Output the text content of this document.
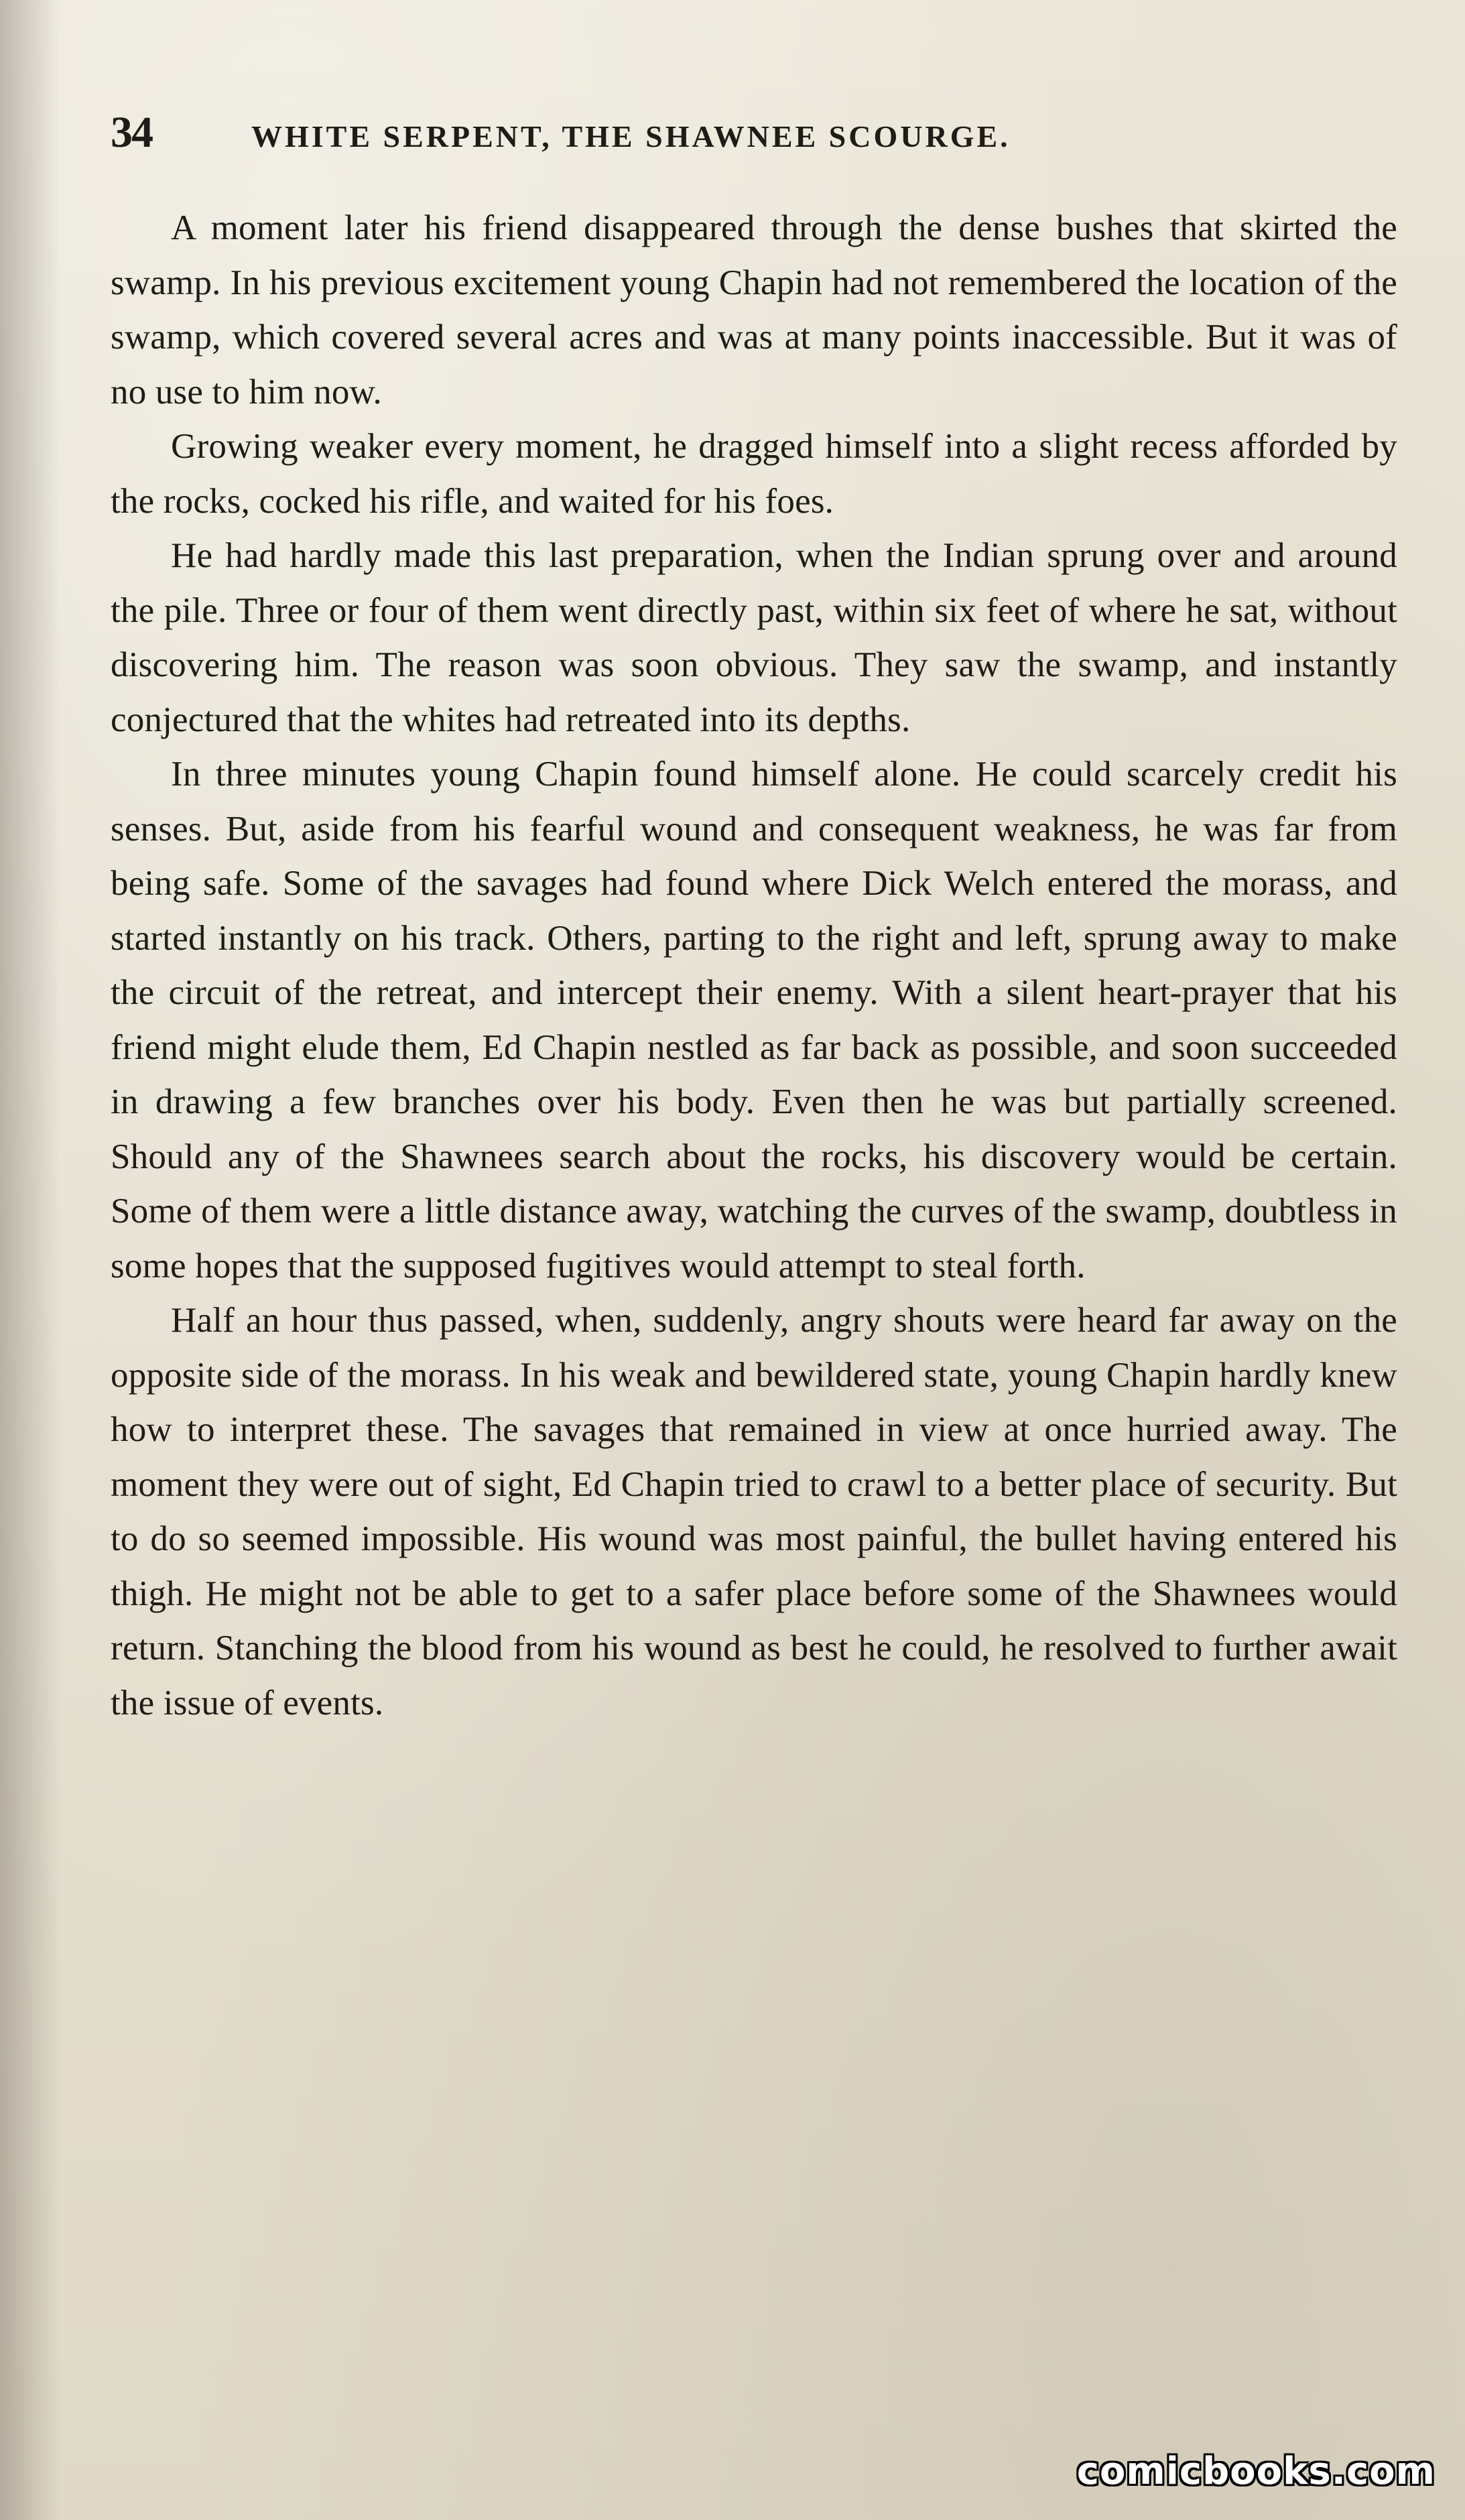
34	WHITE SERPENT, THE SHAWNEE SCOURGE.

A moment later his friend disappeared through the dense bushes that skirted the swamp. In his previous excitement young Chapin had not remembered the location of the swamp, which covered several acres and was at many points inaccessible. But it was of no use to him now.

Growing weaker every moment, he dragged himself into a slight recess afforded by the rocks, cocked his rifle, and waited for his foes.

He had hardly made this last preparation, when the Indian sprung over and around the pile. Three or four of them went directly past, within six feet of where he sat, without discovering him. The reason was soon obvious. They saw the swamp, and instantly conjectured that the whites had retreated into its depths.

In three minutes young Chapin found himself alone. He could scarcely credit his senses. But, aside from his fearful wound and consequent weakness, he was far from being safe. Some of the savages had found where Dick Welch entered the morass, and started instantly on his track. Others, parting to the right and left, sprung away to make the circuit of the retreat, and intercept their enemy. With a silent heart-prayer that his friend might elude them, Ed Chapin nestled as far back as possible, and soon succeeded in drawing a few branches over his body. Even then he was but partially screened. Should any of the Shawnees search about the rocks, his discovery would be certain. Some of them were a little distance away, watching the curves of the swamp, doubtless in some hopes that the supposed fugitives would attempt to steal forth.

Half an hour thus passed, when, suddenly, angry shouts were heard far away on the opposite side of the morass. In his weak and bewildered state, young Chapin hardly knew how to interpret these. The savages that remained in view at once hurried away. The moment they were out of sight, Ed Chapin tried to crawl to a better place of security. But to do so seemed impossible. His wound was most painful, the bullet having entered his thigh. He might not be able to get to a safer place before some of the Shawnees would return. Stanching the blood from his wound as best he could, he resolved to further await the issue of events.

comicbooks.com
